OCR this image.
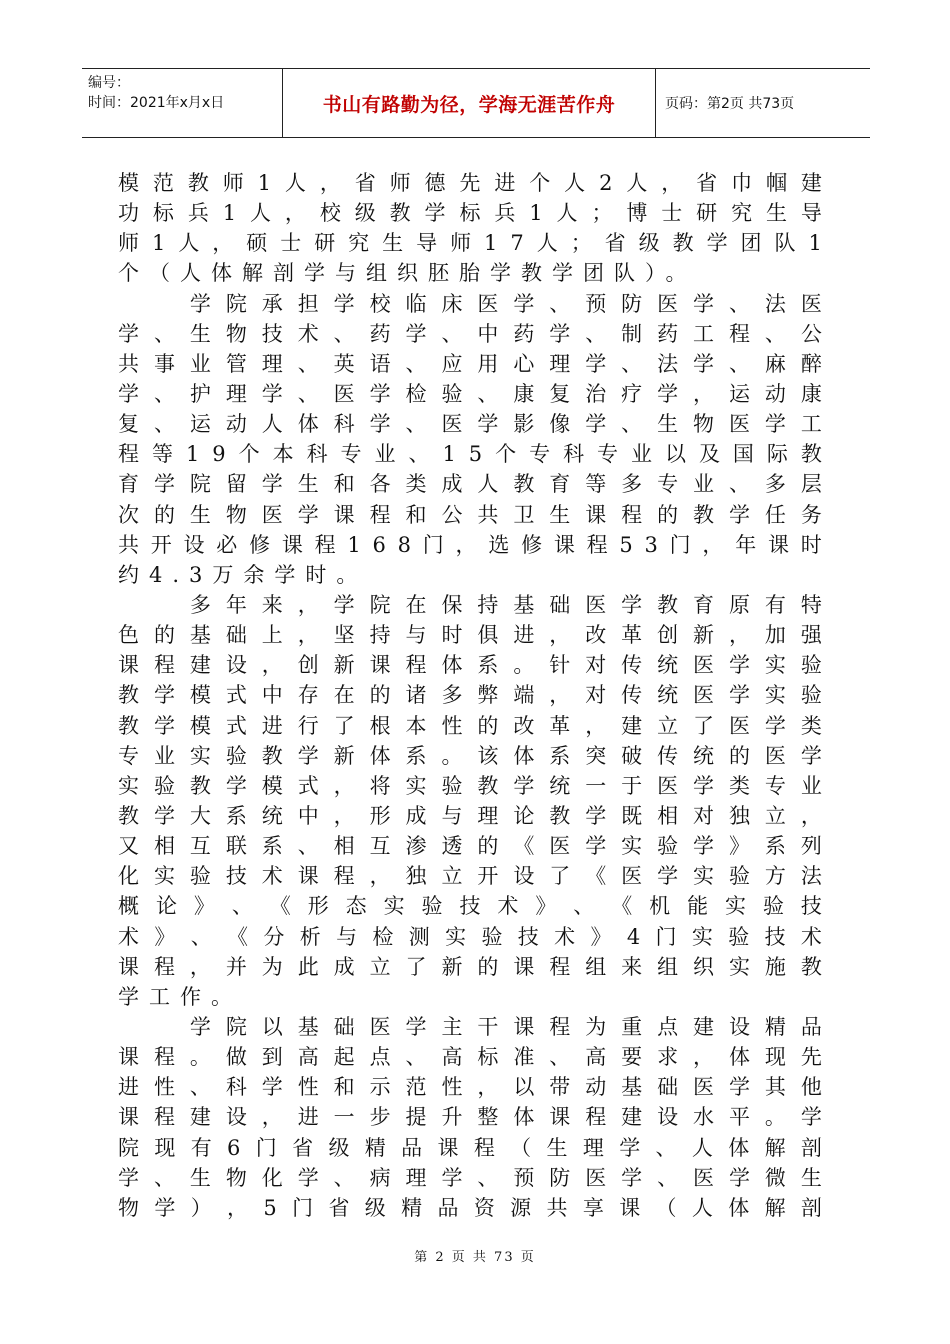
编号：
时间：2021年x月x日	书山有路勤为径，学海无涯苦作舟	页码：第2页 共73页
模 范 教 师 1 人 ， 省 师 德 先 进 个 人 2 人 ， 省 巾 帼 建
功 标 兵 1 人 ， 校 级 教 学 标 兵 1 人 ； 博 士 研 究 生 导
师 1 人 ， 硕 士 研 究 生 导 师 1 7 人 ； 省 级 教 学 团 队 1
个（人体解剖学与组织胚胎学教学团队）。

学 院 承 担 学 校 临 床 医 学 、 预 防 医 学 、 法 医
学 、 生 物 技 术 、 药 学 、 中 药 学 、 制 药 工 程 、 公
共 事 业 管 理 、 英 语 、 应 用 心 理 学 、 法 学 、 麻 醉
学 、 护 理 学 、 医 学 检 验 、 康 复 治 疗 学 ， 运 动 康
复 、 运 动 人 体 科 学 、 医 学 影 像 学 、 生 物 医 学 工
程 等 1 9 个 本 科 专 业 、 1 5 个 专 科 专 业 以 及 国 际 教
育 学 院 留 学 生 和 各 类 成 人 教 育 等 多 专 业 、 多 层
次 的 生 物 医 学 课 程 和 公 共 卫 生 课 程 的 教 学 任 务
共 开 设 必 修 课 程 1 6 8 门 ， 选 修 课 程 5 3 门 ， 年 课 时
约4.3万余学时。

多 年 来 ， 学 院 在 保 持 基 础 医 学 教 育 原 有 特
色 的 基 础 上 ， 坚 持 与 时 俱 进 ， 改 革 创 新 ， 加 强
课 程 建 设 ， 创 新 课 程 体 系 。 针 对 传 统 医 学 实 验
教 学 模 式 中 存 在 的 诸 多 弊 端 ， 对 传 统 医 学 实 验
教 学 模 式 进 行 了 根 本 性 的 改 革 ， 建 立 了 医 学 类
专 业 实 验 教 学 新 体 系 。 该 体 系 突 破 传 统 的 医 学
实 验 教 学 模 式 ， 将 实 验 教 学 统 一 于 医 学 类 专 业
教 学 大 系 统 中 ， 形 成 与 理 论 教 学 既 相 对 独 立 ，
又 相 互 联 系 、 相 互 渗 透 的 《 医 学 实 验 学 》 系 列
化 实 验 技 术 课 程 ， 独 立 开 设 了 《 医 学 实 验 方 法
概 论 》 、 《 形 态 实 验 技 术 》 、 《 机 能 实 验 技
术 》 、 《 分 析 与 检 测 实 验 技 术 》 4 门 实 验 技 术
课 程 ， 并 为 此 成 立 了 新 的 课 程 组 来 组 织 实 施 教
学工作。

学 院 以 基 础 医 学 主 干 课 程 为 重 点 建 设 精 品
课 程 。 做 到 高 起 点 、 高 标 准 、 高 要 求 ， 体 现 先
进 性 、 科 学 性 和 示 范 性 ， 以 带 动 基 础 医 学 其 他
课 程 建 设 ， 进 一 步 提 升 整 体 课 程 建 设 水 平 。 学
院 现 有 6 门 省 级 精 品 课 程 （ 生 理 学 、 人 体 解 剖
学 、 生 物 化 学 、 病 理 学 、 预 防 医 学 、 医 学 微 生
物 学 ） ， 5 门 省 级 精 品 资 源 共 享 课 （ 人 体 解 剖
第 2 页 共 73 页
